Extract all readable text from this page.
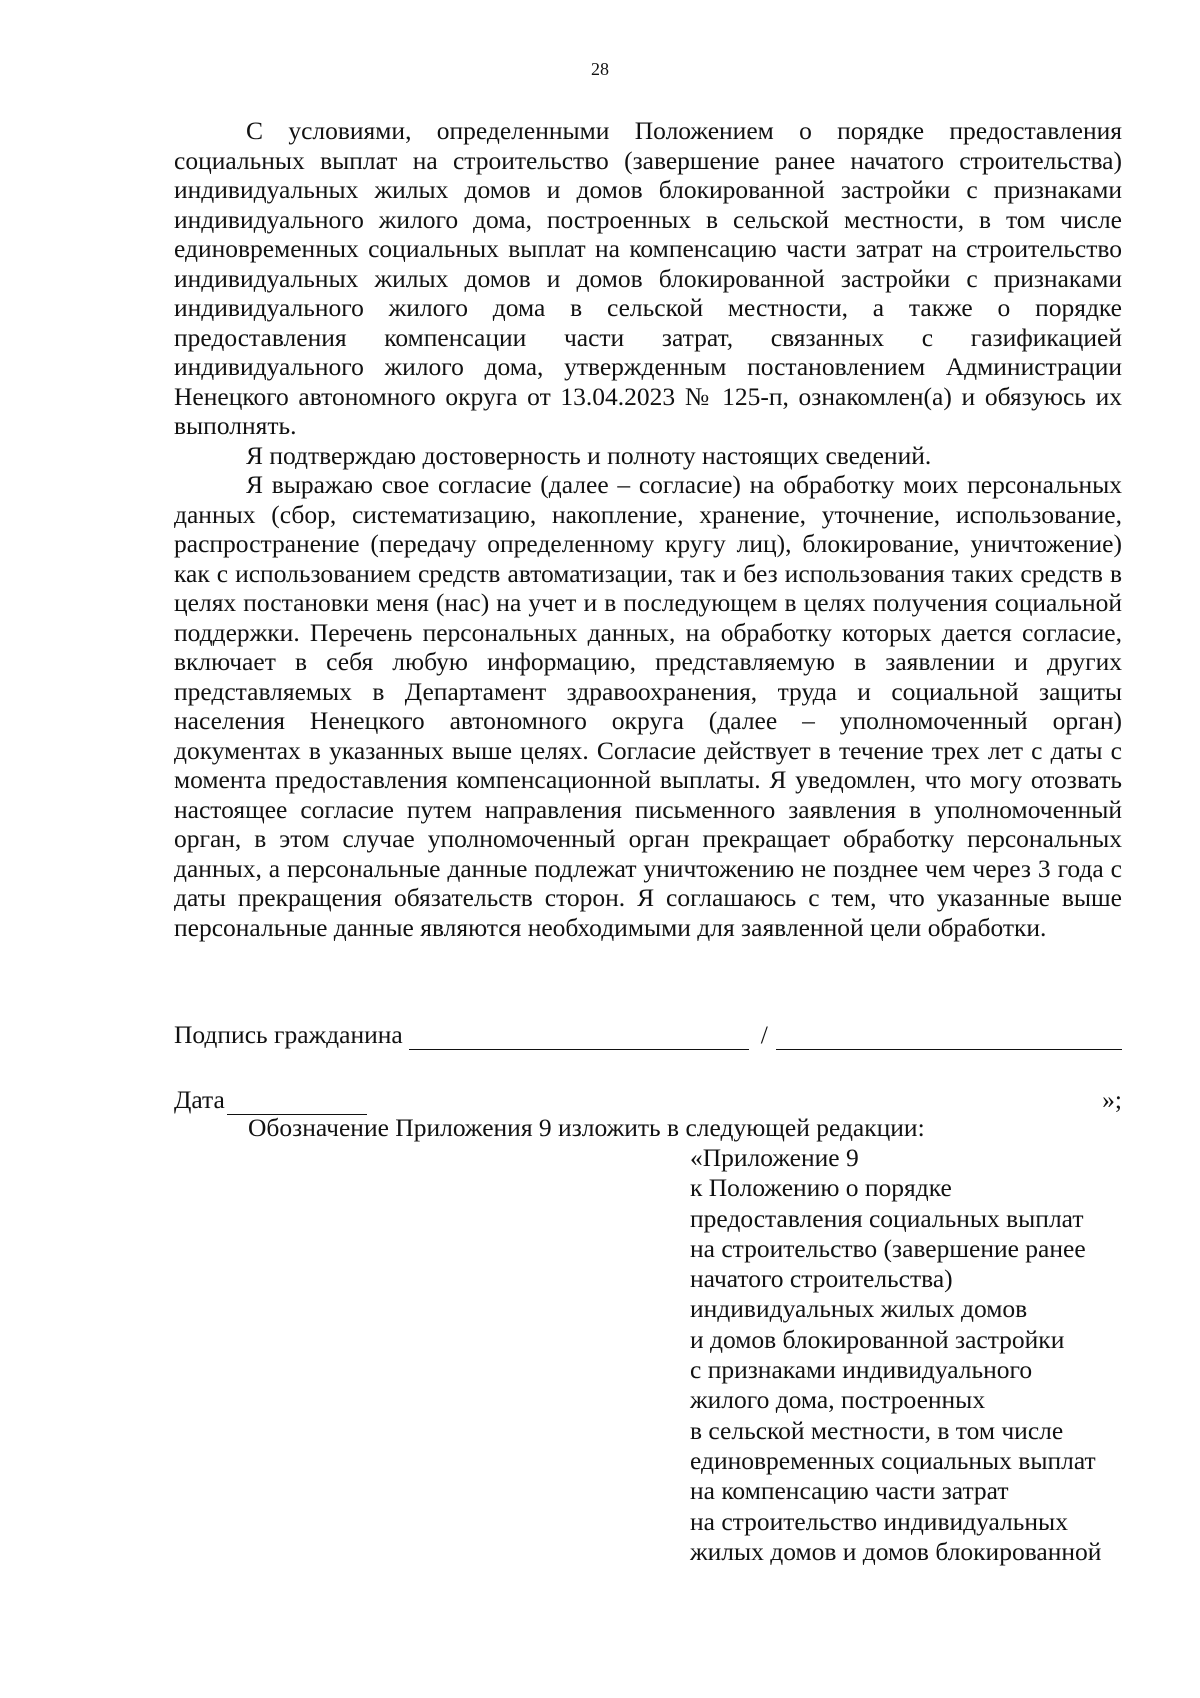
28

С условиями, определенными Положением о порядке предоставления социальных выплат на строительство (завершение ранее начатого строительства) индивидуальных жилых домов и домов блокированной застройки с признаками индивидуального жилого дома, построенных в сельской местности, в том числе единовременных социальных выплат на компенсацию части затрат на строительство индивидуальных жилых домов и домов блокированной застройки с признаками индивидуального жилого дома в сельской местности, а также о порядке предоставления компенсации части затрат, связанных с газификацией индивидуального жилого дома, утвержденным постановлением Администрации Ненецкого автономного округа от 13.04.2023 № 125-п, ознакомлен(а) и обязуюсь их выполнять.

Я подтверждаю достоверность и полноту настоящих сведений.

Я выражаю свое согласие (далее – согласие) на обработку моих персональных данных (сбор, систематизацию, накопление, хранение, уточнение, использование, распространение (передачу определенному кругу лиц), блокирование, уничтожение) как с использованием средств автоматизации, так и без использования таких средств в целях постановки меня (нас) на учет и в последующем в целях получения социальной поддержки. Перечень персональных данных, на обработку которых дается согласие, включает в себя любую информацию, представляемую в заявлении и других представляемых в Департамент здравоохранения, труда и социальной защиты населения Ненецкого автономного округа (далее – уполномоченный орган) документах в указанных выше целях. Согласие действует в течение трех лет с даты с момента предоставления компенсационной выплаты. Я уведомлен, что могу отозвать настоящее согласие путем направления письменного заявления в уполномоченный орган, в этом случае уполномоченный орган прекращает обработку персональных данных, а персональные данные подлежат уничтожению не позднее чем через 3 года с даты прекращения обязательств сторон. Я соглашаюсь с тем, что указанные выше персональные данные являются необходимыми для заявленной цели обработки.

Подпись гражданина	/
Дата	»;
Обозначение Приложения 9 изложить в следующей редакции:
«Приложение 9
к Положению о порядке
предоставления социальных выплат
на строительство (завершение ранее
начатого строительства)
индивидуальных жилых домов
и домов блокированной застройки
с признаками индивидуального
жилого дома, построенных
в сельской местности, в том числе
единовременных социальных выплат
на компенсацию части затрат
на строительство индивидуальных
жилых домов и домов блокированной
